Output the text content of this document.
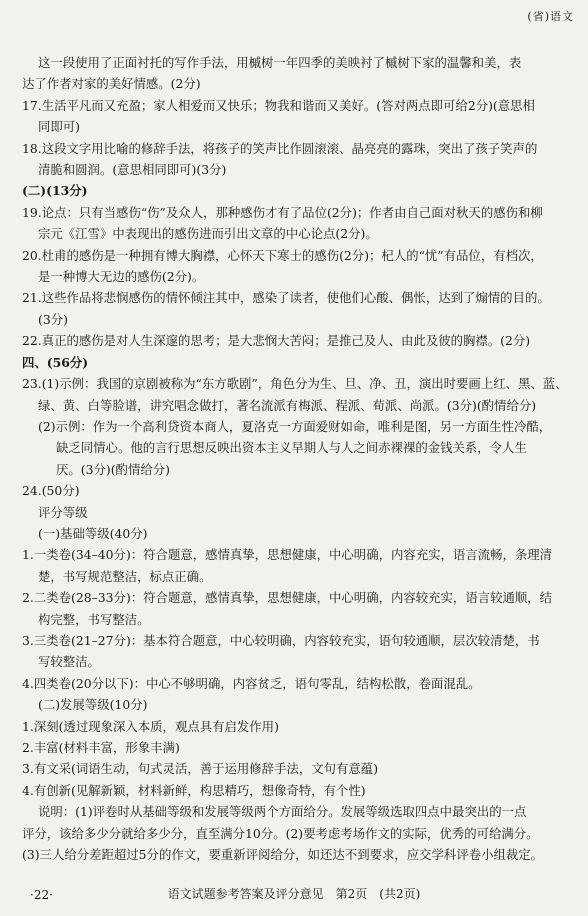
(省)语文

这一段使用了正面衬托的写作手法，用槭树一年四季的美映衬了槭树下家的温馨和美，表

达了作者对家的美好情感。(2分)

17.生活平凡而又充盈；家人相爱而又快乐；物我和谐而又美好。(答对两点即可给2分)(意思相

同即可)

18.这段文字用比喻的修辞手法，将孩子的笑声比作圆滚滚、晶亮亮的露珠，突出了孩子笑声的

清脆和圆润。(意思相同即可)(3分)

(二)(13分)

19.论点：只有当感伤“伤”及众人，那种感伤才有了品位(2分)；作者由自己面对秋天的感伤和柳

宗元《江雪》中表现出的感伤进而引出文章的中心论点(2分)。

20.杜甫的感伤是一种拥有博大胸襟，心怀天下寒士的感伤(2分)；杞人的“忧”有品位，有档次，

是一种博大无边的感伤(2分)。

21.这些作品将悲悯感伤的情怀倾注其中，感染了读者，使他们心酸、偶怅，达到了煽情的目的。

(3分)

22.真正的感伤是对人生深邃的思考；是大悲悯大苦闷；是推己及人、由此及彼的胸襟。(2分)

四、(56分)

23.(1)示例：我国的京剧被称为“东方歌剧”，角色分为生、旦、净、丑，演出时要画上红、黑、蓝、

绿、黄、白等脸谱，讲究唱念做打，著名流派有梅派、程派、荀派、尚派。(3分)(酌情给分)

(2)示例：作为一个高利贷资本商人，夏洛克一方面爱财如命，唯利是图，另一方面生性冷酷，

缺乏同情心。他的言行思想反映出资本主义早期人与人之间赤裸裸的金钱关系，令人生

厌。(3分)(酌情给分)

24.(50分)

评分等级

(一)基础等级(40分)

1.一类卷(34–40分)：符合题意，感情真挚，思想健康，中心明确，内容充实，语言流畅，条理清

楚，书写规范整洁，标点正确。

2.二类卷(28–33分)：符合题意，感情真挚，思想健康，中心明确，内容较充实，语言较通顺，结

构完整，书写整洁。

3.三类卷(21–27分)：基本符合题意，中心较明确，内容较充实，语句较通顺，层次较清楚，书

写较整洁。

4.四类卷(20分以下)：中心不够明确，内容贫乏，语句零乱，结构松散，卷面混乱。

(二)发展等级(10分)

1.深刻(透过现象深入本质，观点具有启发作用)

2.丰富(材料丰富，形象丰满)

3.有文采(词语生动，句式灵活，善于运用修辞手法，文句有意蕴)

4.有创新(见解新颖，材料新鲜，构思精巧，想像奇特，有个性)

说明：(1)评卷时从基础等级和发展等级两个方面给分。发展等级选取四点中最突出的一点

评分，该给多少分就给多少分，直至满分10分。(2)要考虑考场作文的实际，优秀的可给满分。

(3)三人给分差距超过5分的作文，要重新评阅给分，如还达不到要求，应交学科评卷小组裁定。

·22·	语文试题参考答案及评分意见　第2页　(共2页)
